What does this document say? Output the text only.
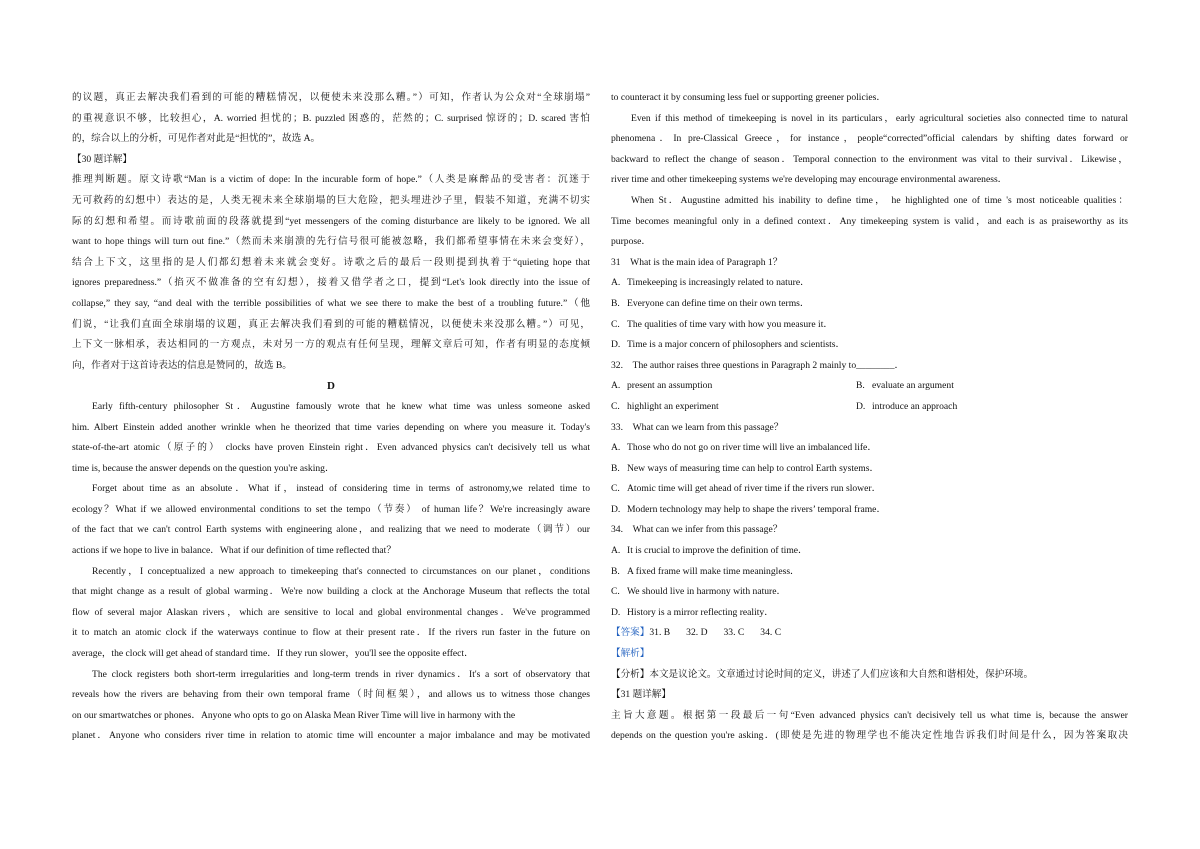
的议题，真正去解决我们看到的可能的糟糕情况，以便使未来没那么糟。”）可知，作者认为公众对“全球崩塌”
的重视意识不够，比较担心，A. worried 担忧的；B. puzzled 困惑的，茫然的；C. surprised 惊讶的；D. scared 害怕
的，综合以上的分析，可见作者对此是“担忧的”，故选 A。
【30 题详解】
推理判断题。原文诗歌“Man is a victim of dope: In the incurable form of hope.”（人类是麻醉品的受害者：沉迷于
无可救药的幻想中）表达的是，人类无视未来全球崩塌的巨大危险，把头埋进沙子里，假装不知道，充满不切实
际的幻想和希望。而诗歌前面的段落就提到“yet messengers of the coming disturbance are likely to be ignored. We all
want to hope things will turn out fine.”（然而未来崩溃的先行信号很可能被忽略，我们都希望事情在未来会变好），
结合上下文，这里指的是人们都幻想着未来就会变好。诗歌之后的最后一段则提到执着于“quieting hope that
ignores preparedness.”（掐灭不做准备的空有幻想），接着又借学者之口，提到“Let's look directly into the issue of
collapse,” they say, “and deal with the terrible possibilities of what we see there to make the best of a troubling future.”（他
们说，“让我们直面全球崩塌的议题，真正去解决我们看到的可能的糟糕情况，以便使未来没那么糟。”）可见，
上下文一脉相承，表达相同的一方观点，未对另一方的观点有任何呈现，理解文章后可知，作者有明显的态度倾
向，作者对于这首诗表达的信息是赞同的，故选 B。
D
Early fifth-century philosopher St．Augustine famously wrote that he knew what time was unless someone asked
him. Albert Einstein added another wrinkle when he theorized that time varies depending on where you measure it. Today's
state-of-the-art atomic（原子的） clocks have proven Einstein right．Even advanced physics can't decisively tell us what
time is, because the answer depends on the question you're asking．
Forget about time as an absolute．What if，instead of considering time in terms of astronomy,we related time to
ecology？What if we allowed environmental conditions to set the tempo（节奏） of human life？We're increasingly aware
of the fact that we can't control Earth systems with engineering alone，and realizing that we need to moderate（调节）our
actions if we hope to live in balance．What if our definition of time reflected that？
Recently，I conceptualized a new approach to timekeeping that's connected to circumstances on our planet，conditions
that might change as a result of global warming．We're now building a clock at the Anchorage Museum that reflects the total
flow of several major Alaskan rivers，which are sensitive to local and global environmental changes．We've programmed
it to match an atomic clock if the waterways continue to flow at their present rate．If the rivers run faster in the future on
average，the clock will get ahead of standard time．If they run slower，you'll see the opposite effect．
The clock registers both short-term irregularities and long-term trends in river dynamics．It's a sort of observatory that
reveals how the rivers are behaving from their own temporal frame（时间框架），and allows us to witness those changes
on our smartwatches or phones．Anyone who opts to go on Alaska Mean River Time will live in harmony with the
planet．Anyone who considers river time in relation to atomic time will encounter a major imbalance and may be motivated
to counteract it by consuming less fuel or supporting greener policies．
Even if this method of timekeeping is novel in its particulars，early agricultural societies also connected time to natural
phenomena．In pre-Classical Greece，for instance，people“corrected”official calendars by shifting dates forward or
backward to reflect the change of season．Temporal connection to the environment was vital to their survival．Likewise，
river time and other timekeeping systems we're developing may encourage environmental awareness．
When St．Augustine admitted his inability to define time， he highlighted one of time 's most noticeable qualities：
Time becomes meaningful only in a defined context．Any timekeeping system is valid，and each is as praiseworthy as its
purpose．
31　What is the main idea of Paragraph 1？
A. Timekeeping is increasingly related to nature．
B. Everyone can define time on their own terms．
C. The qualities of time vary with how you measure it．
D. Time is a major concern of philosophers and scientists．
32.　The author raises three questions in Paragraph 2 mainly to________．
A. present an assumption	B. evaluate an argument
C. highlight an experiment	D. introduce an approach
33.　What can we learn from this passage？
A. Those who do not go on river time will live an imbalanced life．
B. New ways of measuring time can help to control Earth systems．
C. Atomic time will get ahead of river time if the rivers run slower．
D. Modern technology may help to shape the rivers’ temporal frame．
34.　What can we infer from this passage？
A. It is crucial to improve the definition of time．
B. A fixed frame will make time meaningless．
C. We should live in harmony with nature．
D. History is a mirror reflecting reality．
【答案】31. B 32. D 33. C 34. C
【解析】
【分析】本文是议论文。文章通过讨论时间的定义，讲述了人们应该和大自然和谐相处，保护环境。
【31 题详解】
主旨大意题。根据第一段最后一句“Even advanced physics can't decisively tell us what time is, because the answer
depends on the question you're asking．(即使是先进的物理学也不能决定性地告诉我们时间是什么，因为答案取决
